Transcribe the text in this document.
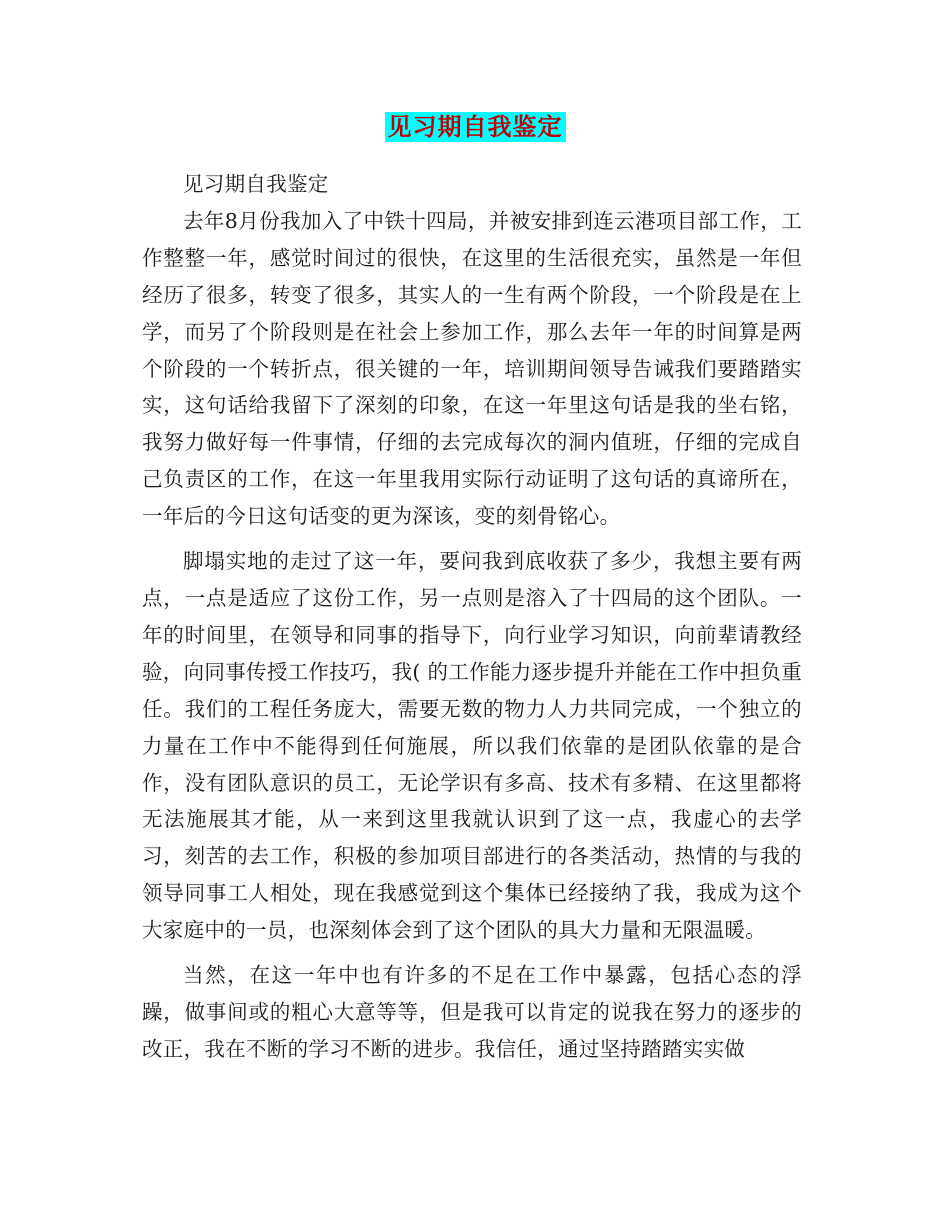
见习期自我鉴定

见习期自我鉴定

去年8月份我加入了中铁十四局，并被安排到连云港项目部工作，工作整整一年，感觉时间过的很快，在这里的生活很充实，虽然是一年但经历了很多，转变了很多，其实人的一生有两个阶段，一个阶段是在上学，而另了个阶段则是在社会上参加工作，那么去年一年的时间算是两个阶段的一个转折点，很关键的一年，培训期间领导告诫我们要踏踏实实，这句话给我留下了深刻的印象，在这一年里这句话是我的坐右铭，我努力做好每一件事情，仔细的去完成每次的洞内值班，仔细的完成自己负责区的工作，在这一年里我用实际行动证明了这句话的真谛所在，一年后的今日这句话变的更为深该，变的刻骨铭心。

脚塌实地的走过了这一年，要问我到底收获了多少，我想主要有两点，一点是适应了这份工作，另一点则是溶入了十四局的这个团队。一年的时间里，在领导和同事的指导下，向行业学习知识，向前辈请教经验，向同事传授工作技巧，我( 的工作能力逐步提升并能在工作中担负重任。我们的工程任务庞大，需要无数的物力人力共同完成，一个独立的力量在工作中不能得到任何施展，所以我们依靠的是团队依靠的是合作，没有团队意识的员工，无论学识有多高、技术有多精、在这里都将无法施展其才能，从一来到这里我就认识到了这一点，我虚心的去学习，刻苦的去工作，积极的参加项目部进行的各类活动，热情的与我的领导同事工人相处，现在我感觉到这个集体已经接纳了我，我成为这个大家庭中的一员，也深刻体会到了这个团队的具大力量和无限温暖。

当然，在这一年中也有许多的不足在工作中暴露，包括心态的浮躁，做事间或的粗心大意等等，但是我可以肯定的说我在努力的逐步的改正，我在不断的学习不断的进步。我信任，通过坚持踏踏实实做
